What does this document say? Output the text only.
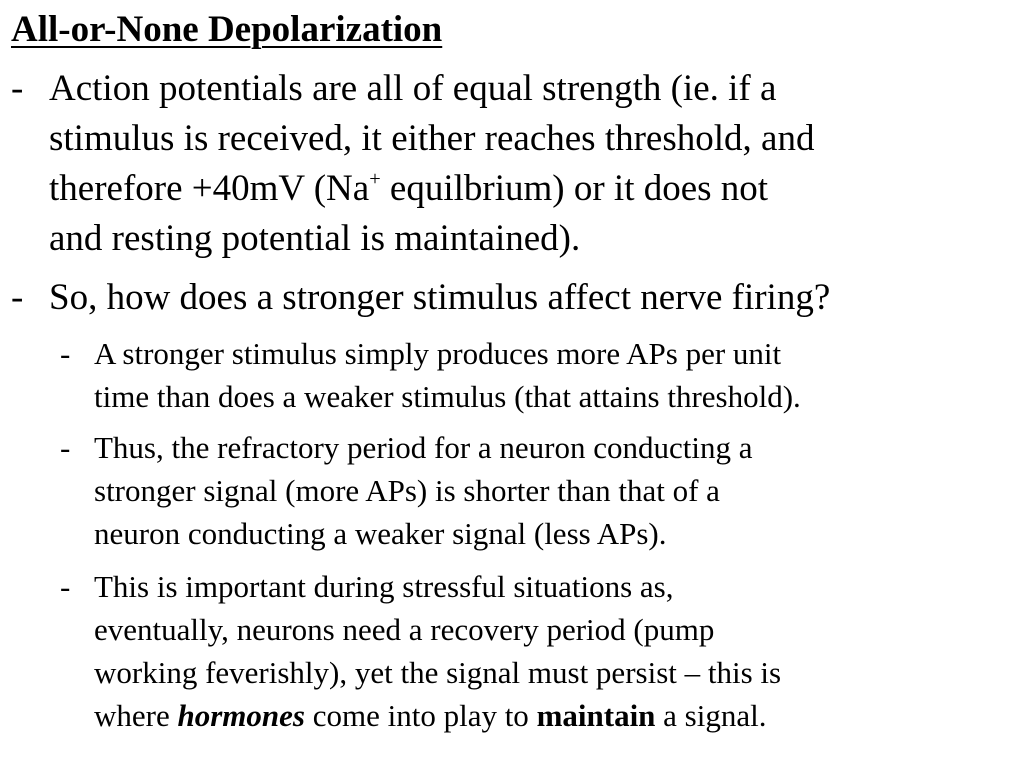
All-or-None Depolarization
- Action potentials are all of equal strength (ie. if a
stimulus is received, it either reaches threshold, and
therefore +40mV (Na+ equilbrium) or it does not
and resting potential is maintained).
- So, how does a stronger stimulus affect nerve firing?
- A stronger stimulus simply produces more APs per unit
time than does a weaker stimulus (that attains threshold).
- Thus, the refractory period for a neuron conducting a
stronger signal (more APs) is shorter than that of a
neuron conducting a weaker signal (less APs).
- This is important during stressful situations as,
eventually, neurons need a recovery period (pump
working feverishly), yet the signal must persist – this is
where hormones come into play to maintain a signal.
